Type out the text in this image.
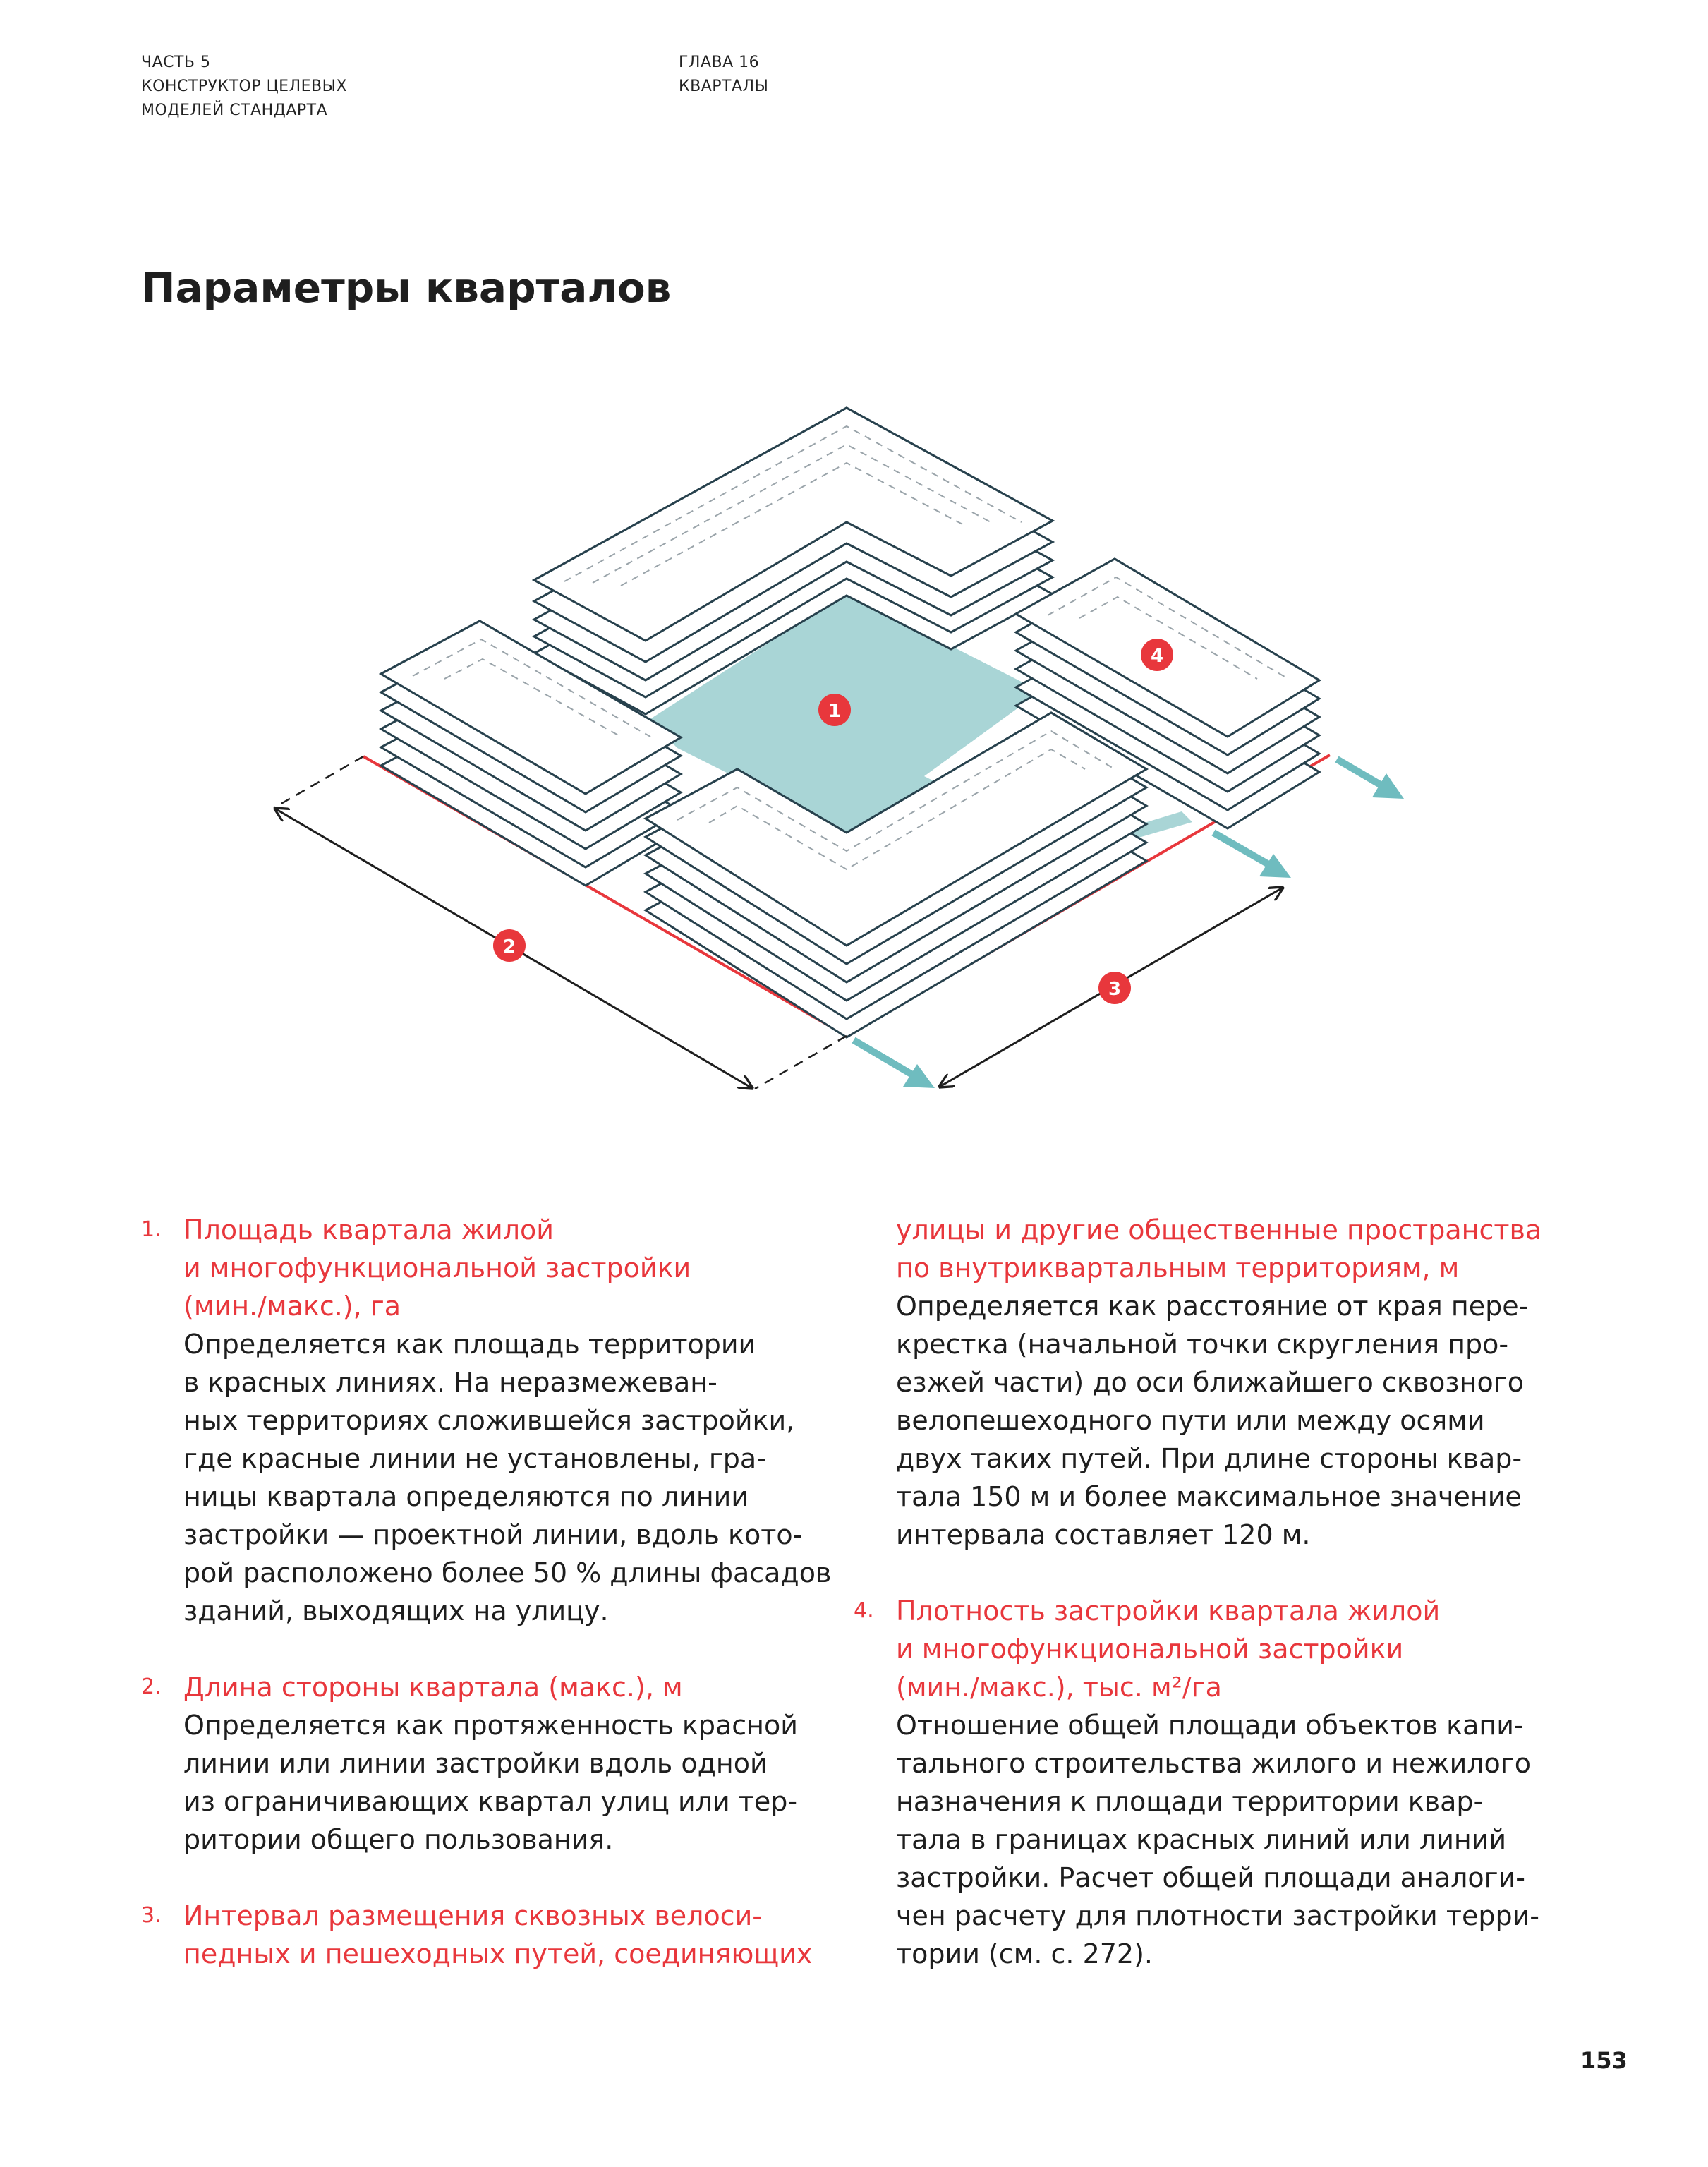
ЧАСТЬ 5
КОНСТРУКТОР ЦЕЛЕВЫХ
МОДЕЛЕЙ СТАНДАРТА
ГЛАВА 16
КВАРТАЛЫ
Параметры кварталов
1
2
3
4
1. Площадь квартала жилой
и многофункциональной застройки
(мин./макс.), га
Определяется как площадь территории
в красных линиях. На неразмежеван-
ных территориях сложившейся застройки,
где красные линии не установлены, гра-
ницы квартала определяются по линии
застройки — проектной линии, вдоль кото-
рой расположено более 50 % длины фасадов
зданий, выходящих на улицу.
2. Длина стороны квартала (макс.), м
Определяется как протяженность красной
линии или линии застройки вдоль одной
из ограничивающих квартал улиц или тер-
ритории общего пользования.
3. Интервал размещения сквозных велоси-
педных и пешеходных путей, соединяющих
улицы и другие общественные пространства
по внутриквартальным территориям, м
Определяется как расстояние от края пере-
крестка (начальной точки скругления про-
езжей части) до оси ближайшего сквозного
велопешеходного пути или между осями
двух таких путей. При длине стороны квар-
тала 150 м и более максимальное значение
интервала составляет 120 м.
4. Плотность застройки квартала жилой
и многофункциональной застройки
(мин./макс.), тыс. м²/га
Отношение общей площади объектов капи-
тального строительства жилого и нежилого
назначения к площади территории квар-
тала в границах красных линий или линий
застройки. Расчет общей площади аналоги-
чен расчету для плотности застройки терри-
тории (см. с. 272).
153
